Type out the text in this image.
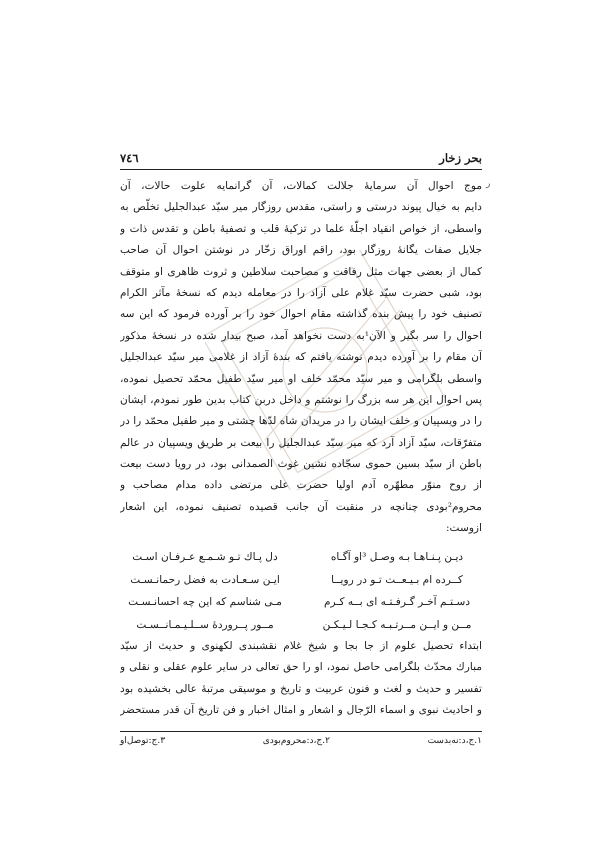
بحر زخار
٧٤٦
ر
موج احوال آن سرمایهٔ جلالت کمالات، آن گرانمایه علوت حالات، آن
دایم به خیال پیوند درستی و راستی، مقدس روزگار میر سیّد عبدالجلیل تخلّص به
واسطی، از خواص انقیاد اجلّهٔ علما در تزکیهٔ قلب و تصفیهٔ باطن و تقدس ذات و
جلایل صفات یگانهٔ روزگار بود، راقم اوراق زخّار در نوشتن احوال آن صاحب
کمال از بعضی جهات مثل رفاقت و مصاحبت سلاطین و ثروت ظاهری او متوقف
بود، شبی حضرت سیّد غلام علی آزاد را در معامله دیدم که نسخهٔ مآثر الکرام
تصنیف خود را پیش بنده گذاشته مقام احوال خود را بر آورده فرمود که این سه
احوال را سر بگیر و الآن¹به دست نخواهد آمد، صبح بیدار شده در نسخهٔ مذکور
آن مقام را بر آورده دیدم نوشته یافتم که بندهٔ آزاد از غلامی میر سیّد عبدالجلیل
واسطی بلگرامی و میر سیّد محمّد خلف او میر سیّد طفیل محمّد تحصیل نموده،
پس احوال این هر سه بزرگ را نوشتم و داخل دربن کتاب بدین طور نمودم، ایشان
را در ویسپیان و خلف ایشان را در مریدان شاه لدّها چشتی و میر طفیل محمّد را در
متفرّقات، سیّد آزاد آرد که میر سیّد عبدالجلیل را بیعت بر طریق ویسپیان در عالم
باطن از سیّد بسین حموی سجّاده نشین غوث الصمدانی بود، در رویا دست بیعت
از روح منوّر مطهّره آدم اولیا حضرت علی مرتضی داده مدام مصاحب و
محروم²بودی چنانچه در منقبت آن جانب قصیده تصنیف نموده، این اشعار
ازوست:
دیـن پـنـاهـا بـه وصـل ³او آگـاه
دل پـاك تـو شـمـع عـرفـان اسـت
کــرده ام بـیـعــت تـو در رویــا
ایـن سـعـادت به فضل رحمانـسـت
دسـتـم آخـر گـرفـتـه ای بــه کـرم
مـی شناسم که این چه احسانـسـت
مــن و ایــن مــرتـبـه کـجـا لـیـکـن
مــور پــروردهٔ ســلـیـمـانــسـت
ابتداء تحصیل علوم از جا بجا و شیخ غلام نقشبندی لکهنوی و حدیث از سیّد
مبارك محدّث بلگرامی حاصل نمود، او را حق تعالی در سایر علوم عقلی و نقلی و
تفسیر و حدیث و لغت و فنون عربیت و تاریخ و موسیقی مرتبهٔ عالی بخشیده بود
و احادیث نبوی و اسماء الرّجال و اشعار و امثال اخبار و فن تاریخ آن قدر مستحضر
١.ج،د:نه‌بدست
٢.ج،د:محروم‌بودی
٣.ج:توصل‌او
